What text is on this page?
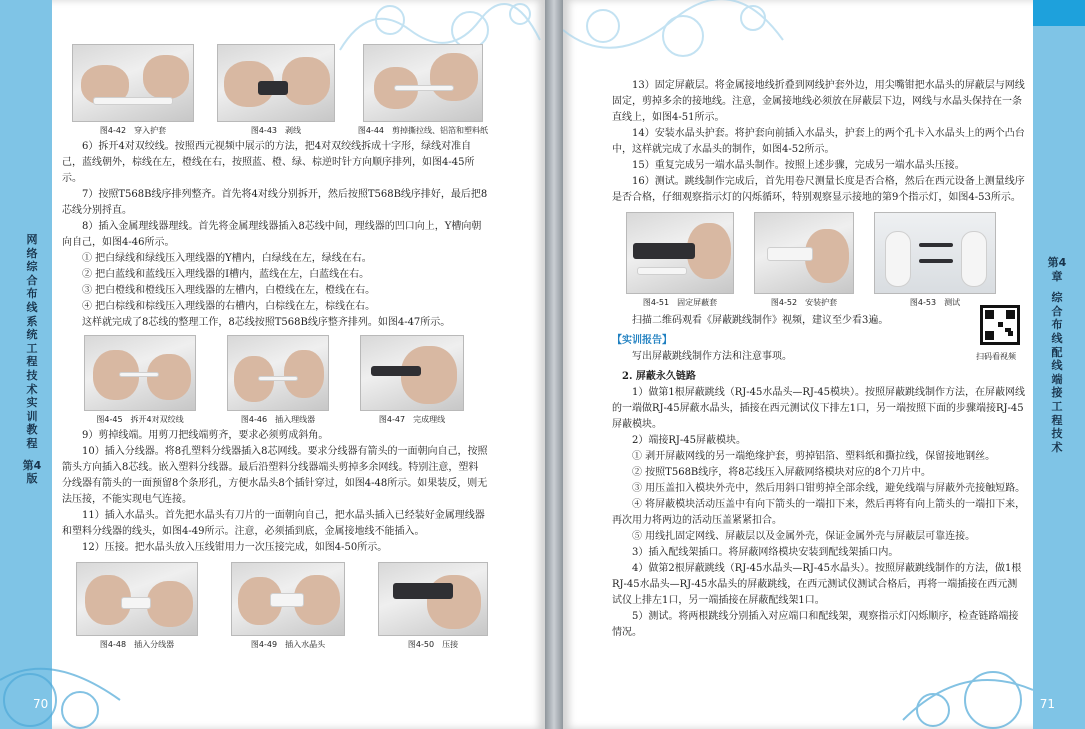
网络综合布线系统工程技术实训教程
第4版
70
图4-42　穿入护套	图4-43　剥线	图4-44　剪掉撕拉线、铝箔和塑料纸

6）拆开4对双绞线。按照西元视频中展示的方法，把4对双绞线拆成十字形，绿线对准自己，蓝线朝外，棕线在左，橙线在右，按照蓝、橙、绿、棕逆时针方向顺序排列，如图4-45所示。

7）按照T568B线序排列整齐。首先将4对线分别拆开，然后按照T568B线序排好，最后把8芯线分别捋直。

8）插入金属理线器理线。首先将金属理线器插入8芯线中间，理线器的凹口向上，Y槽向朝向自己，如图4-46所示。

① 把白绿线和绿线压入理线器的Y槽内，白绿线在左，绿线在右。

② 把白蓝线和蓝线压入理线器的Ⅰ槽内，蓝线在左，白蓝线在右。

③ 把白橙线和橙线压入理线器的左槽内，白橙线在左，橙线在右。

④ 把白棕线和棕线压入理线器的右槽内，白棕线在左，棕线在右。

这样就完成了8芯线的整理工作，8芯线按照T568B线序整齐排列。如图4-47所示。

图4-45　拆开4对双绞线	图4-46　插入理线器	图4-47　完成理线

9）剪掉线端。用剪刀把线端剪齐，要求必须剪成斜角。

10）插入分线器。将8孔塑料分线器插入8芯网线。要求分线器有箭头的一面朝向自己，按照箭头方向插入8芯线。嵌入塑料分线器。最后沿塑料分线器端头剪掉多余网线。特别注意，塑料分线器有箭头的一面预留8个条形孔，方便水晶头8个插针穿过，如图4-48所示。如果装反，则无法压接，不能实现电气连接。

11）插入水晶头。首先把水晶头有刀片的一面朝向自己，把水晶头插入已经装好金属理线器和塑料分线器的线头，如图4-49所示。注意，必须插到底，金属接地线不能插入。

12）压接。把水晶头放入压线钳用力一次压接完成，如图4-50所示。

图4-48　插入分线器	图4-49　插入水晶头	图4-50　压接
第4章
综合布线配线端接工程技术
71

13）固定屏蔽层。将金属接地线折叠到网线护套外边，用尖嘴钳把水晶头的屏蔽层与网线固定，剪掉多余的接地线。注意，金属接地线必须放在屏蔽层下边，网线与水晶头保持在一条直线上，如图4-51所示。

14）安装水晶头护套。将护套向前插入水晶头，护套上的两个孔卡入水晶头上的两个凸台中，这样就完成了水晶头的制作，如图4-52所示。

15）重复完成另一端水晶头制作。按照上述步骤，完成另一端水晶头压接。

16）测试。跳线制作完成后，首先用卷尺测量长度是否合格，然后在西元设备上测量线序是否合格，仔细观察指示灯的闪烁循环，特别观察显示接地的第9个指示灯，如图4-53所示。

图4-51　固定屏蔽套	图4-52　安装护套	图4-53　测试

扫描二维码观看《屏蔽跳线制作》视频，建议至少看3遍。

【实训报告】

写出屏蔽跳线制作方法和注意事项。	扫码看视频

2. 屏蔽永久链路

1）做第1根屏蔽跳线（RJ-45水晶头—RJ-45模块）。按照屏蔽跳线制作方法，在屏蔽网线的一端做RJ-45屏蔽水晶头，插接在西元测试仪下排左1口，另一端按照下面的步骤端接RJ-45屏蔽模块。

2）端接RJ-45屏蔽模块。

① 剥开屏蔽网线的另一端绝缘护套，剪掉铝箔、塑料纸和撕拉线，保留接地钢丝。

② 按照T568B线序，将8芯线压入屏蔽网络模块对应的8个刀片中。

③ 用压盖扣入模块外壳中，然后用斜口钳剪掉全部余线，避免线端与屏蔽外壳接触短路。

④ 将屏蔽模块活动压盖中有向下箭头的一端扣下来，然后再将有向上箭头的一端扣下来，再次用力将两边的活动压盖紧紧扣合。

⑤ 用线扎固定网线、屏蔽层以及金属外壳，保证金属外壳与屏蔽层可靠连接。

3）插入配线架插口。将屏蔽网络模块安装到配线架插口内。

4）做第2根屏蔽跳线（RJ-45水晶头—RJ-45水晶头）。按照屏蔽跳线制作的方法，做1根RJ-45水晶头—RJ-45水晶头的屏蔽跳线，在西元测试仪测试合格后，再将一端插接在西元测试仪上排左1口，另一端插接在屏蔽配线架1口。

5）测试。将两根跳线分别插入对应端口和配线架，观察指示灯闪烁顺序，检查链路端接情况。
